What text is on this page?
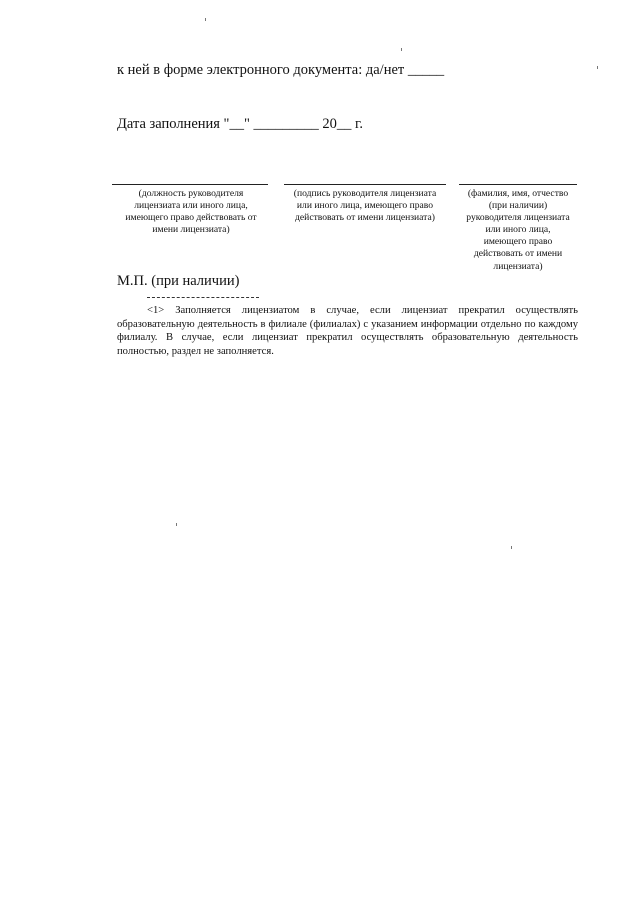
к ней в форме электронного документа: да/нет _____
Дата заполнения "__" _________ 20__ г.
(должность руководителя
лицензиата или иного лица,
имеющего право действовать от
имени лицензиата)
(подпись руководителя лицензиата
или иного лица, имеющего право
действовать от имени лицензиата)
(фамилия, имя, отчество
(при наличии)
руководителя лицензиата
или иного лица,
имеющего право
действовать от имени
лицензиата)
М.П. (при наличии)
<1> Заполняется лицензиатом в случае, если лицензиат прекратил осуществлять образовательную деятельность в филиале (филиалах) с указанием информации отдельно по каждому филиалу. В случае, если лицензиат прекратил осуществлять образовательную деятельность полностью, раздел не заполняется.
